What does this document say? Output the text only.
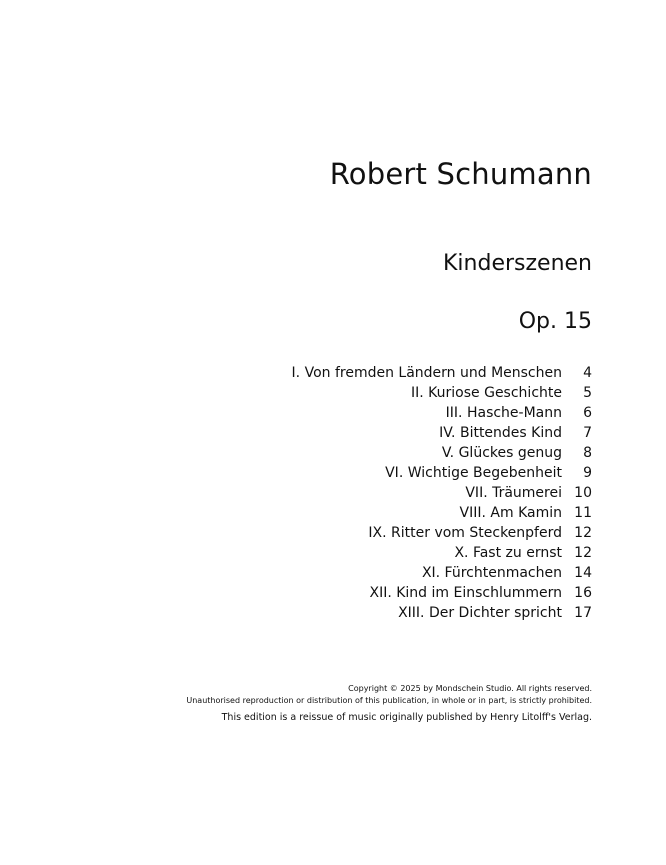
Robert Schumann
Kinderszenen
Op. 15
I. Von fremden Ländern und Menschen	4
II. Kuriose Geschichte	5
III. Hasche-Mann	6
IV. Bittendes Kind	7
V. Glückes genug	8
VI. Wichtige Begebenheit	9
VII. Träumerei 10
VIII. Am Kamin 11
IX. Ritter vom Steckenpferd 12
X. Fast zu ernst 12
XI. Fürchtenmachen 14
XII. Kind im Einschlummern 16
XIII. Der Dichter spricht 17
Copyright © 2025 by Mondschein Studio. All rights reserved.
Unauthorised reproduction or distribution of this publication, in whole or in part, is strictly prohibited.
This edition is a reissue of music originally published by Henry Litolff's Verlag.
